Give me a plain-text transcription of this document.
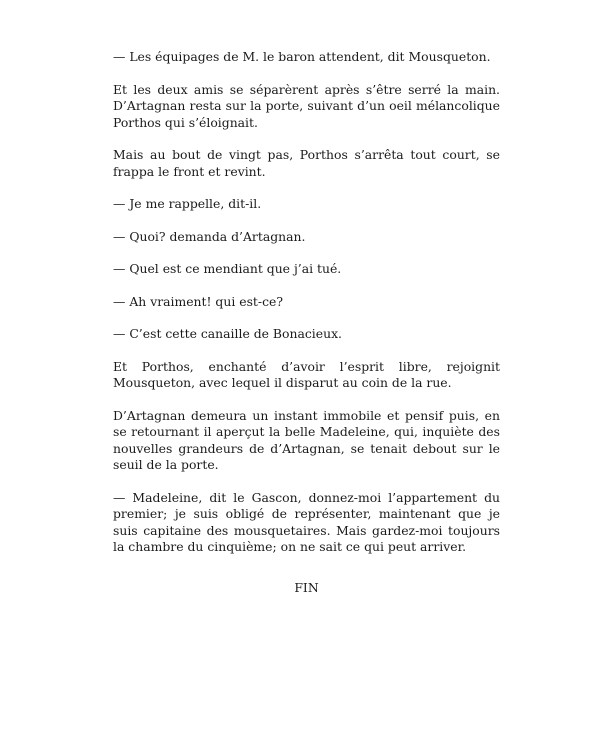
— Les équipages de M. le baron attendent, dit Mousqueton.

Et les deux amis se séparèrent après s’être serré la main. D’Artagnan resta sur la porte, suivant d’un oeil mélancolique Porthos qui s’éloignait.

Mais au bout de vingt pas, Porthos s’arrêta tout court, se frappa le front et revint.

— Je me rappelle, dit-il.

— Quoi? demanda d’Artagnan.

— Quel est ce mendiant que j’ai tué.

— Ah vraiment! qui est-ce?

— C’est cette canaille de Bonacieux.

Et Porthos, enchanté d’avoir l’esprit libre, rejoignit Mousqueton, avec lequel il disparut au coin de la rue.

D’Artagnan demeura un instant immobile et pensif puis, en se retournant il aperçut la belle Madeleine, qui, inquiète des nouvelles grandeurs de d’Artagnan, se tenait debout sur le seuil de la porte.

— Madeleine, dit le Gascon, donnez-moi l’appartement du premier; je suis obligé de représenter, maintenant que je suis capitaine des mousquetaires. Mais gardez-moi toujours la chambre du cinquième; on ne sait ce qui peut arriver.

FIN
